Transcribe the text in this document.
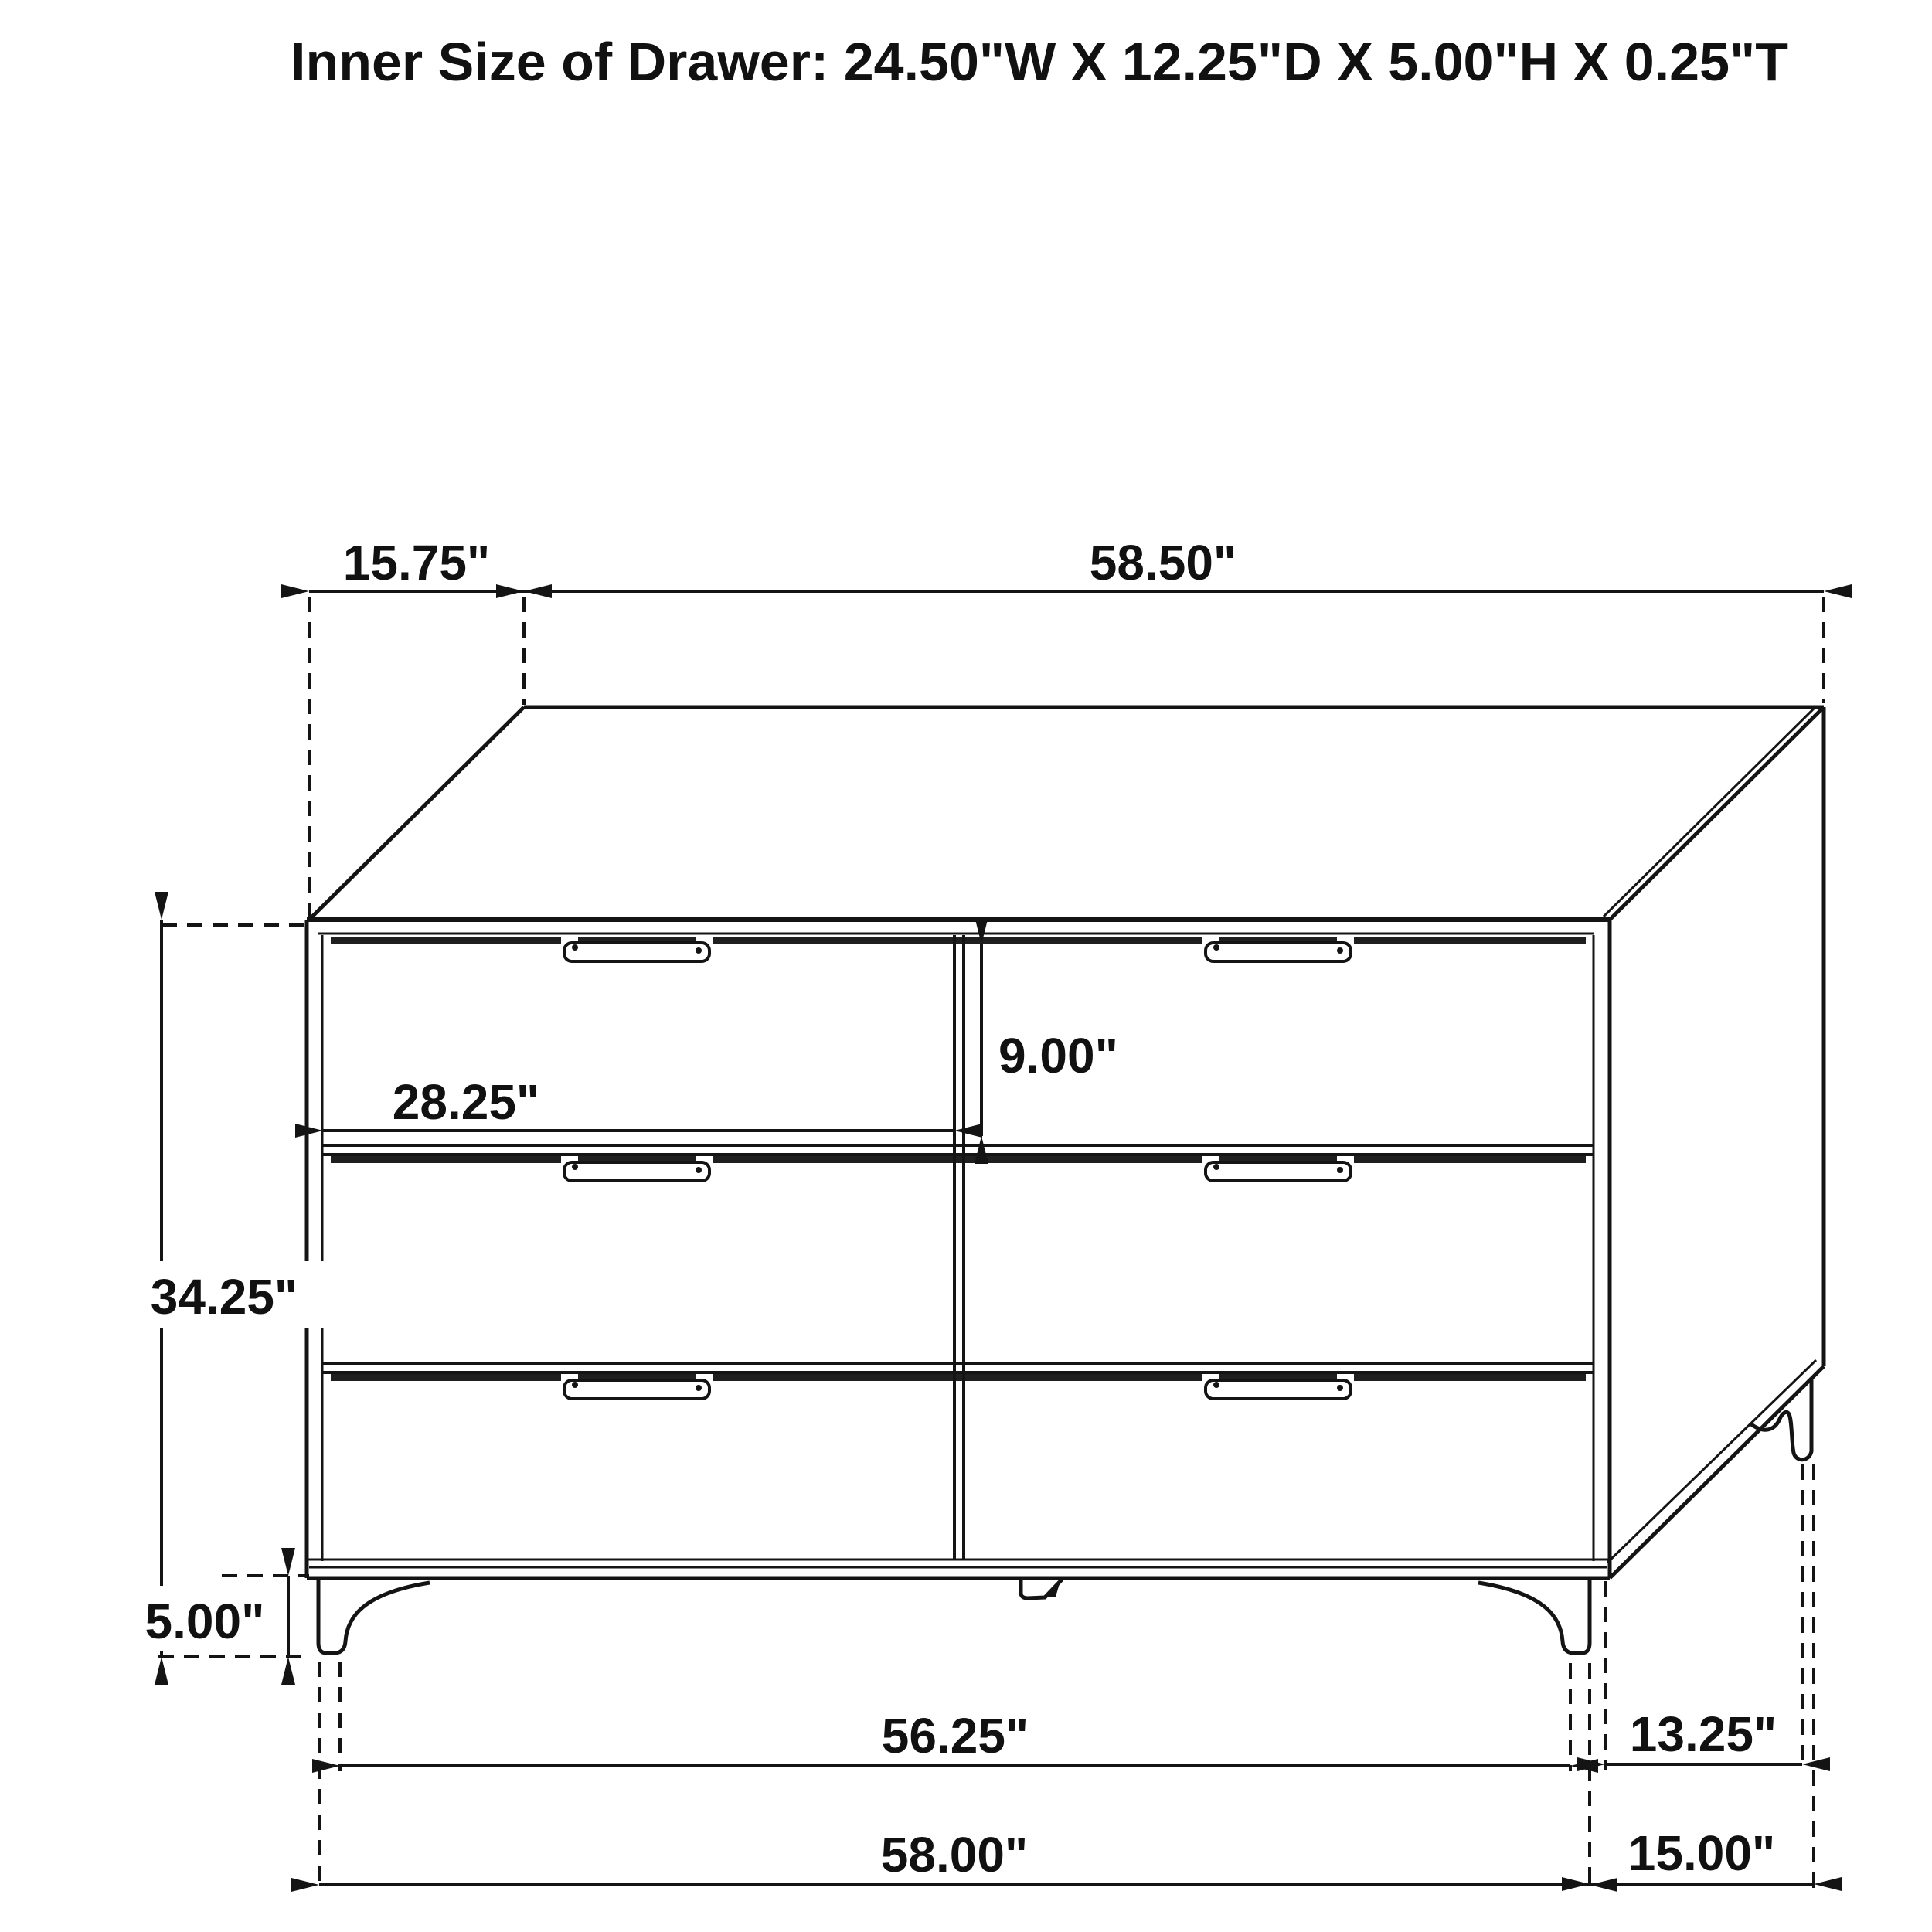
Inner Size of Drawer: 24.50"W X 12.25"D X 5.00"H X 0.25"T
15.75"	58.50"
34.25"
5.00"
28.25"
9.00"
56.25"	13.25"
58.00"	15.00"
